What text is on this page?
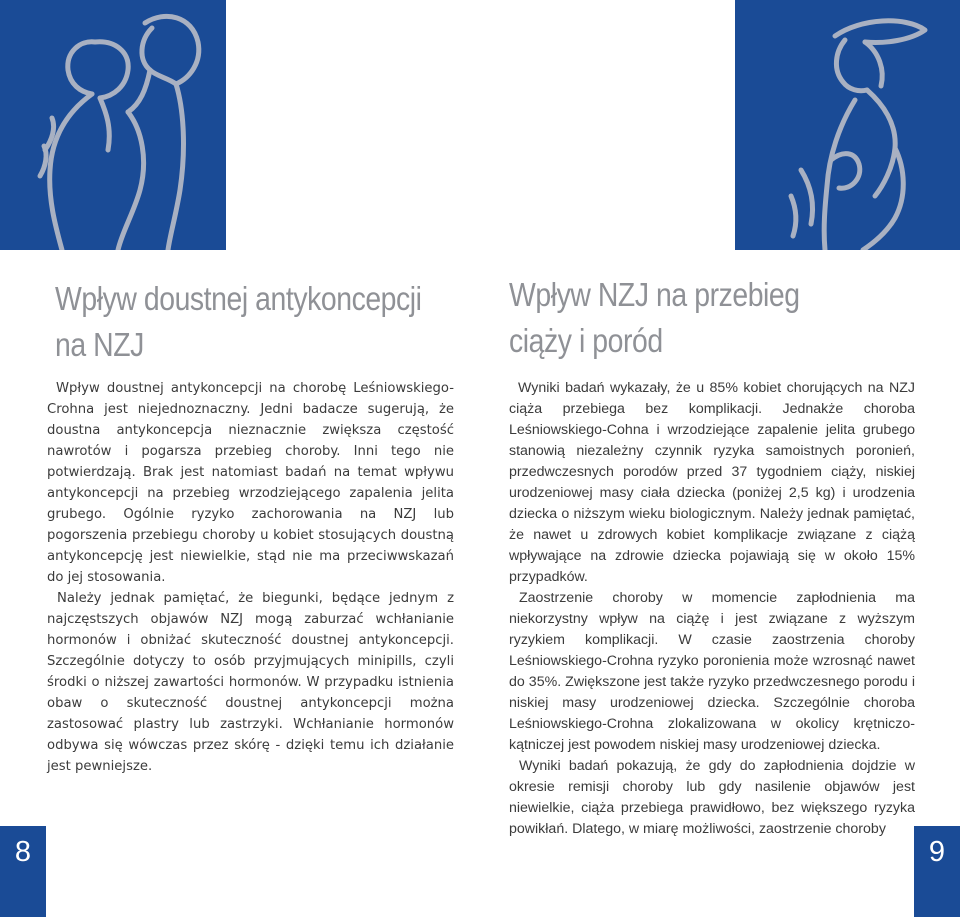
Wpływ doustnej antykoncepcji
na NZJ
Wpływ NZJ na przebieg
ciąży i poród

Wpływ doustnej antykoncepcji na chorobę Leśniowskiego-Crohna jest niejednoznaczny. Jedni badacze sugerują, że doustna antykoncepcja nieznacznie zwiększa częstość nawrotów i pogarsza przebieg choroby. Inni tego nie potwierdzają. Brak jest natomiast badań na temat wpływu antykoncepcji na przebieg wrzodziejącego zapalenia jelita grubego. Ogólnie ryzyko zachorowania na NZJ lub pogorszenia przebiegu choroby u kobiet stosujących doustną antykoncepcję jest niewielkie, stąd nie ma przeciwwskazań do jej stosowania.

Należy jednak pamiętać, że biegunki, będące jednym z najczęstszych objawów NZJ mogą zaburzać wchłanianie hormonów i obniżać skuteczność doustnej antykoncepcji. Szczególnie dotyczy to osób przyjmujących minipills, czyli środki o niższej zawartości hormonów. W przypadku istnienia obaw o skuteczność doustnej antykoncepcji można zastosować plastry lub zastrzyki. Wchłanianie hormonów odbywa się wówczas przez skórę - dzięki temu ich działanie jest pewniejsze.

Wyniki badań wykazały, że u 85% kobiet chorujących na NZJ ciąża przebiega bez komplikacji. Jednakże choroba Leśniowskiego-Cohna i wrzodziejące zapalenie jelita grubego stanowią niezależny czynnik ryzyka samoistnych poronień, przedwczesnych porodów przed 37 tygodniem ciąży, niskiej urodzeniowej masy ciała dziecka (poniżej 2,5 kg) i urodzenia dziecka o niższym wieku biologicznym. Należy jednak pamiętać, że nawet u zdrowych kobiet komplikacje związane z ciążą wpływające na zdrowie dziecka pojawiają się w około 15% przypadków.

Zaostrzenie choroby w momencie zapłodnienia ma niekorzystny wpływ na ciążę i jest związane z wyższym ryzykiem komplikacji. W czasie zaostrzenia choroby Leśniowskiego-Crohna ryzyko poronienia może wzrosnąć nawet do 35%. Zwiększone jest także ryzyko przedwczesnego porodu i niskiej masy urodzeniowej dziecka. Szczególnie choroba Leśniowskiego-Crohna zlokalizowana w okolicy krętniczo-kątniczej jest powodem niskiej masy urodzeniowej dziecka.

Wyniki badań pokazują, że gdy do zapłodnienia dojdzie w okresie remisji choroby lub gdy nasilenie objawów jest niewielkie, ciąża przebiega prawidłowo, bez większego ryzyka powikłań. Dlatego, w miarę możliwości, zaostrzenie choroby

8	9
